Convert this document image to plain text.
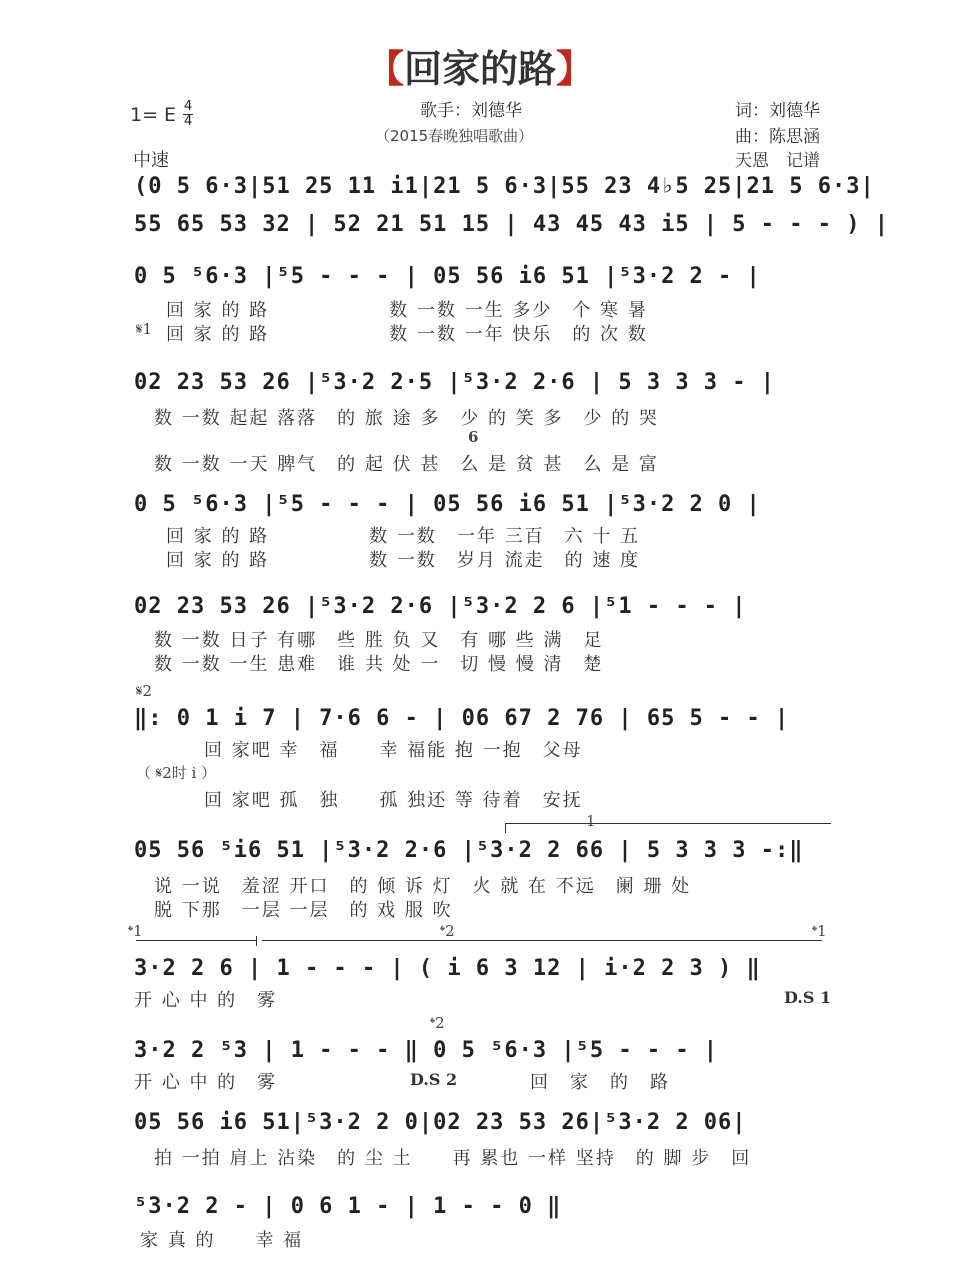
【回家的路】
1= E $\frac{4}{4}$
中速
歌手：刘德华
（2015春晚独唱歌曲）
词：刘德华
曲：陈思涵
天恩　记谱
(0 5 6·3|51 25 11 i1|21 5 6·3|55 23 4♭5 25|21 5 6·3|
55 65 53 32 | 52 21 51 15 | 43 45 43 i5 | 5 - - - ) |
0 5 ⁵6·3 |⁵5 - - - | 05 56 i6 51 |⁵3·2 2 - |
回 家 的 路　　　　　　数 一数 一生 多少　个 寒 暑
𝄋1 回 家 的 路　　　　　　数 一数 一年 快乐　的 次 数
02 23 53 26 |⁵3·2 2·5 |⁵3·2 2·6 | 5 3 3 3 - |
数 一数 起起 落落　的 旅 途 多　少 的 笑 多　少 的 哭
6
数 一数 一天 脾气　的 起 伏 甚　么 是 贫 甚　么 是 富
0 5 ⁵6·3 |⁵5 - - - | 05 56 i6 51 |⁵3·2 2 0 |
回 家 的 路　　　　　数 一数　一年 三百　六 十 五
回 家 的 路　　　　　数 一数　岁月 流走　的 速 度
02 23 53 26 |⁵3·2 2·6 |⁵3·2 2 6 |⁵1 - - - |
数 一数 日子 有哪　些 胜 负 又　有 哪 些 满　足
数 一数 一生 患难　谁 共 处 一　切 慢 慢 清　楚
𝄋2
‖: 0 1 i 7 | 7·6 6 - | 06 67 2 76 | 65 5 - - |
回 家吧 幸　福　　幸 福能 抱 一抱　父母
（ 𝄋2时 i ）
回 家吧 孤　独　　孤 独还 等 待着　安抚
1
05 56 ⁵i6 51 |⁵3·2 2·6 |⁵3·2 2 66 | 5 3 3 3 -:‖
说 一说　羞涩 开口　的 倾 诉 灯　火 就 在 不远　阑 珊 处
脱 下那　一层 一层　的 戏 服 吹
𝄌1	𝄌2	𝄌1
3·2 2 6 | 1 - - - | ( i 6 3 12 | i·2 2 3 ) ‖
开 心 中 的　雾	D.S 1
𝄌2
3·2 2 ⁵3 | 1 - - - ‖ 0 5 ⁵6·3 |⁵5 - - - |
开 心 中 的　雾	D.S 2	回　家　的　路
05 56 i6 51|⁵3·2 2 0|02 23 53 26|⁵3·2 2 06|
拍 一拍 肩上 沾染　的 尘 土　　再 累也 一样 坚持　的 脚 步　回
⁵3·2 2 - | 0 6 1 - | 1 - - 0 ‖
家 真 的　　幸 福
